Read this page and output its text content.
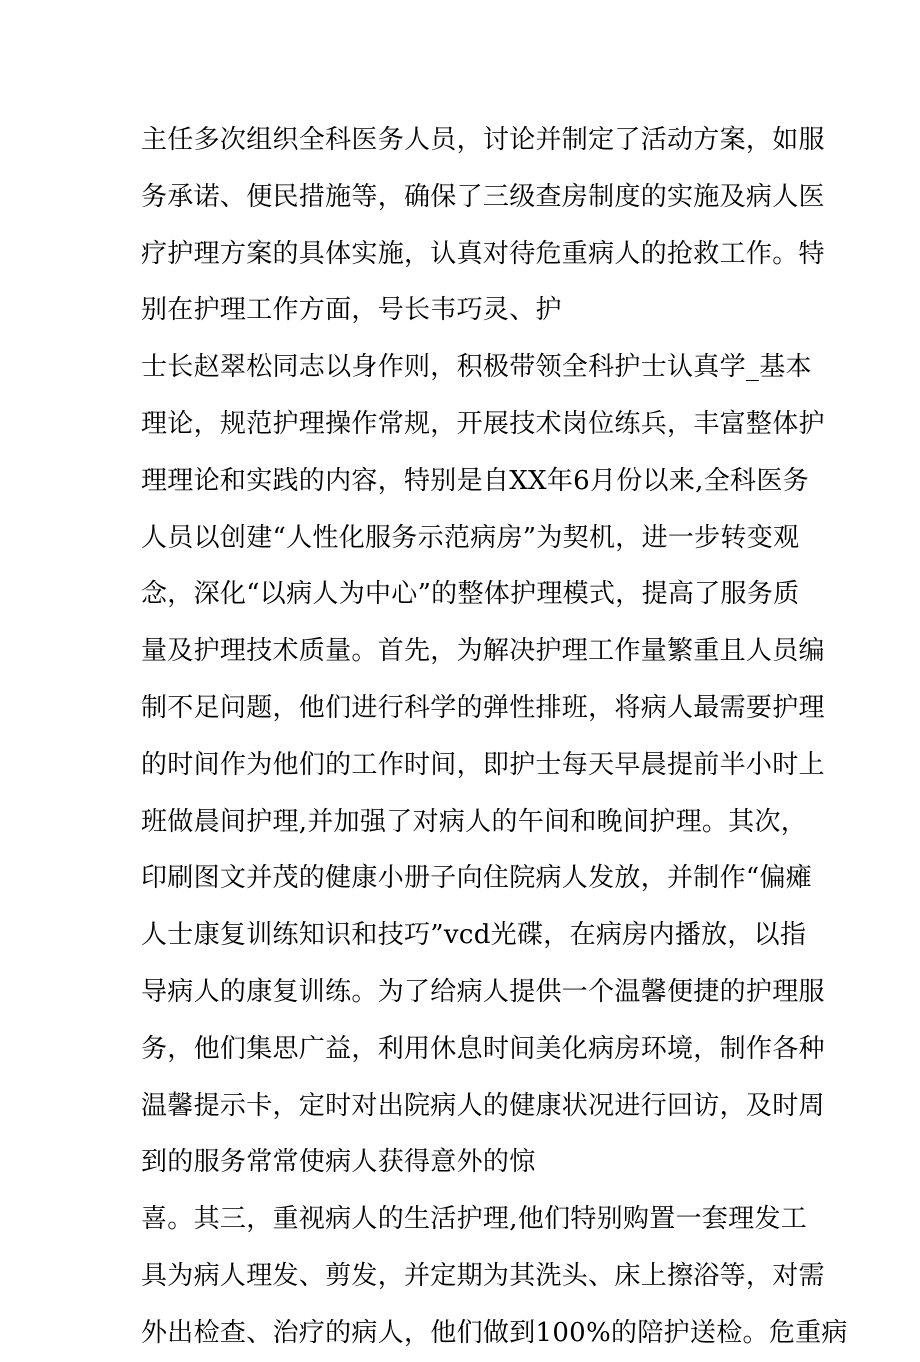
主任多次组织全科医务人员，讨论并制定了活动方案，如服
务承诺、便民措施等，确保了三级查房制度的实施及病人医
疗护理方案的具体实施，认真对待危重病人的抢救工作。特
别在护理工作方面，号长韦巧灵、护
士长赵翠松同志以身作则，积极带领全科护士认真学_基本
理论，规范护理操作常规，开展技术岗位练兵，丰富整体护
理理论和实践的内容，特别是自XX年6月份以来,全科医务
人员以创建“人性化服务示范病房”为契机，进一步转变观
念，深化“以病人为中心”的整体护理模式，提高了服务质
量及护理技术质量。首先，为解决护理工作量繁重且人员编
制不足问题，他们进行科学的弹性排班，将病人最需要护理
的时间作为他们的工作时间，即护士每天早晨提前半小时上
班做晨间护理,并加强了对病人的午间和晚间护理。其次，
印刷图文并茂的健康小册子向住院病人发放，并制作“偏瘫
人士康复训练知识和技巧”vcd光碟，在病房内播放，以指
导病人的康复训练。为了给病人提供一个温馨便捷的护理服
务，他们集思广益，利用休息时间美化病房环境，制作各种
温馨提示卡，定时对出院病人的健康状况进行回访，及时周
到的服务常常使病人获得意外的惊
喜。其三，重视病人的生活护理,他们特别购置一套理发工
具为病人理发、剪发，并定期为其洗头、床上擦浴等，对需
外出检查、治疗的病人，他们做到100%的陪护送检。危重病
